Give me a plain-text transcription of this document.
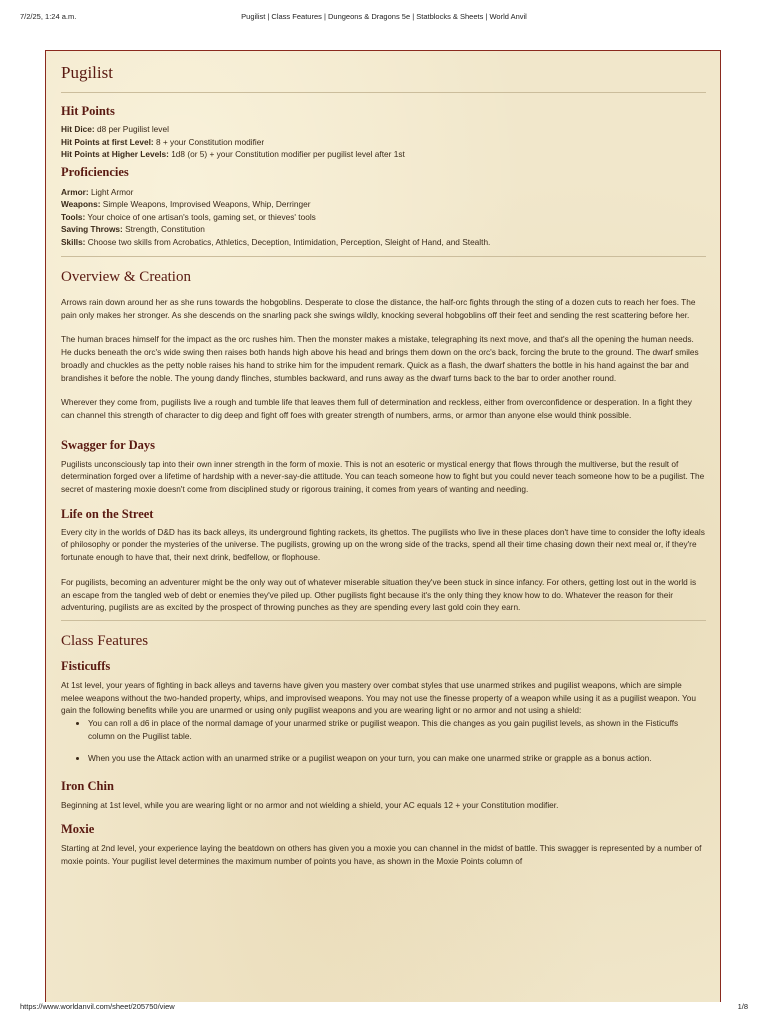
7/2/25, 1:24 a.m.	Pugilist | Class Features | Dungeons & Dragons 5e | Statblocks & Sheets | World Anvil
Pugilist
Hit Points
Hit Dice: d8 per Pugilist level
Hit Points at first Level: 8 + your Constitution modifier
Hit Points at Higher Levels: 1d8 (or 5) + your Constitution modifier per pugilist level after 1st
Proficiencies
Armor: Light Armor
Weapons: Simple Weapons, Improvised Weapons, Whip, Derringer
Tools: Your choice of one artisan's tools, gaming set, or thieves' tools
Saving Throws: Strength, Constitution
Skills: Choose two skills from Acrobatics, Athletics, Deception, Intimidation, Perception, Sleight of Hand, and Stealth.
Overview & Creation

Arrows rain down around her as she runs towards the hobgoblins. Desperate to close the distance, the half-orc fights through the sting of a dozen cuts to reach her foes. The pain only makes her stronger. As she descends on the snarling pack she swings wildly, knocking several hobgoblins off their feet and sending the rest scattering before her.

The human braces himself for the impact as the orc rushes him. Then the monster makes a mistake, telegraphing its next move, and that's all the opening the human needs. He ducks beneath the orc's wide swing then raises both hands high above his head and brings them down on the orc's back, forcing the brute to the ground. The dwarf smiles broadly and chuckles as the petty noble raises his hand to strike him for the impudent remark. Quick as a flash, the dwarf shatters the bottle in his hand against the bar and brandishes it before the noble. The young dandy flinches, stumbles backward, and runs away as the dwarf turns back to the bar to order another round.

Wherever they come from, pugilists live a rough and tumble life that leaves them full of determination and reckless, either from overconfidence or desperation. In a fight they can channel this strength of character to dig deep and fight off foes with greater strength of numbers, arms, or armor than anyone else would think possible.

Swagger for Days

Pugilists unconsciously tap into their own inner strength in the form of moxie. This is not an esoteric or mystical energy that flows through the multiverse, but the result of determination forged over a lifetime of hardship with a never-say-die attitude. You can teach someone how to fight but you could never teach someone how to be a pugilist. The secret of mastering moxie doesn't come from disciplined study or rigorous training, it comes from years of wanting and needing.

Life on the Street

Every city in the worlds of D&D has its back alleys, its underground fighting rackets, its ghettos. The pugilists who live in these places don't have time to consider the lofty ideals of philosophy or ponder the mysteries of the universe. The pugilists, growing up on the wrong side of the tracks, spend all their time chasing down their next meal or, if they're fortunate enough to have that, their next drink, bedfellow, or flophouse.

For pugilists, becoming an adventurer might be the only way out of whatever miserable situation they've been stuck in since infancy. For others, getting lost out in the world is an escape from the tangled web of debt or enemies they've piled up. Other pugilists fight because it's the only thing they know how to do. Whatever the reason for their adventuring, pugilists are as excited by the prospect of throwing punches as they are spending every last gold coin they earn.

Class Features
Fisticuffs

At 1st level, your years of fighting in back alleys and taverns have given you mastery over combat styles that use unarmed strikes and pugilist weapons, which are simple melee weapons without the two-handed property, whips, and improvised weapons. You may not use the finesse property of a weapon while using it as a pugilist weapon. You gain the following benefits while you are unarmed or using only pugilist weapons and you are wearing light or no armor and not using a shield:

• You can roll a d6 in place of the normal damage of your unarmed strike or pugilist weapon. This die changes as you gain pugilist levels, as shown in the Fisticuffs column on the Pugilist table.
• When you use the Attack action with an unarmed strike or a pugilist weapon on your turn, you can make one unarmed strike or grapple as a bonus action.
Iron Chin

Beginning at 1st level, while you are wearing light or no armor and not wielding a shield, your AC equals 12 + your Constitution modifier.

Moxie

Starting at 2nd level, your experience laying the beatdown on others has given you a moxie you can channel in the midst of battle. This swagger is represented by a number of moxie points. Your pugilist level determines the maximum number of points you have, as shown in the Moxie Points column of

https://www.worldanvil.com/sheet/205750/view	1/8
